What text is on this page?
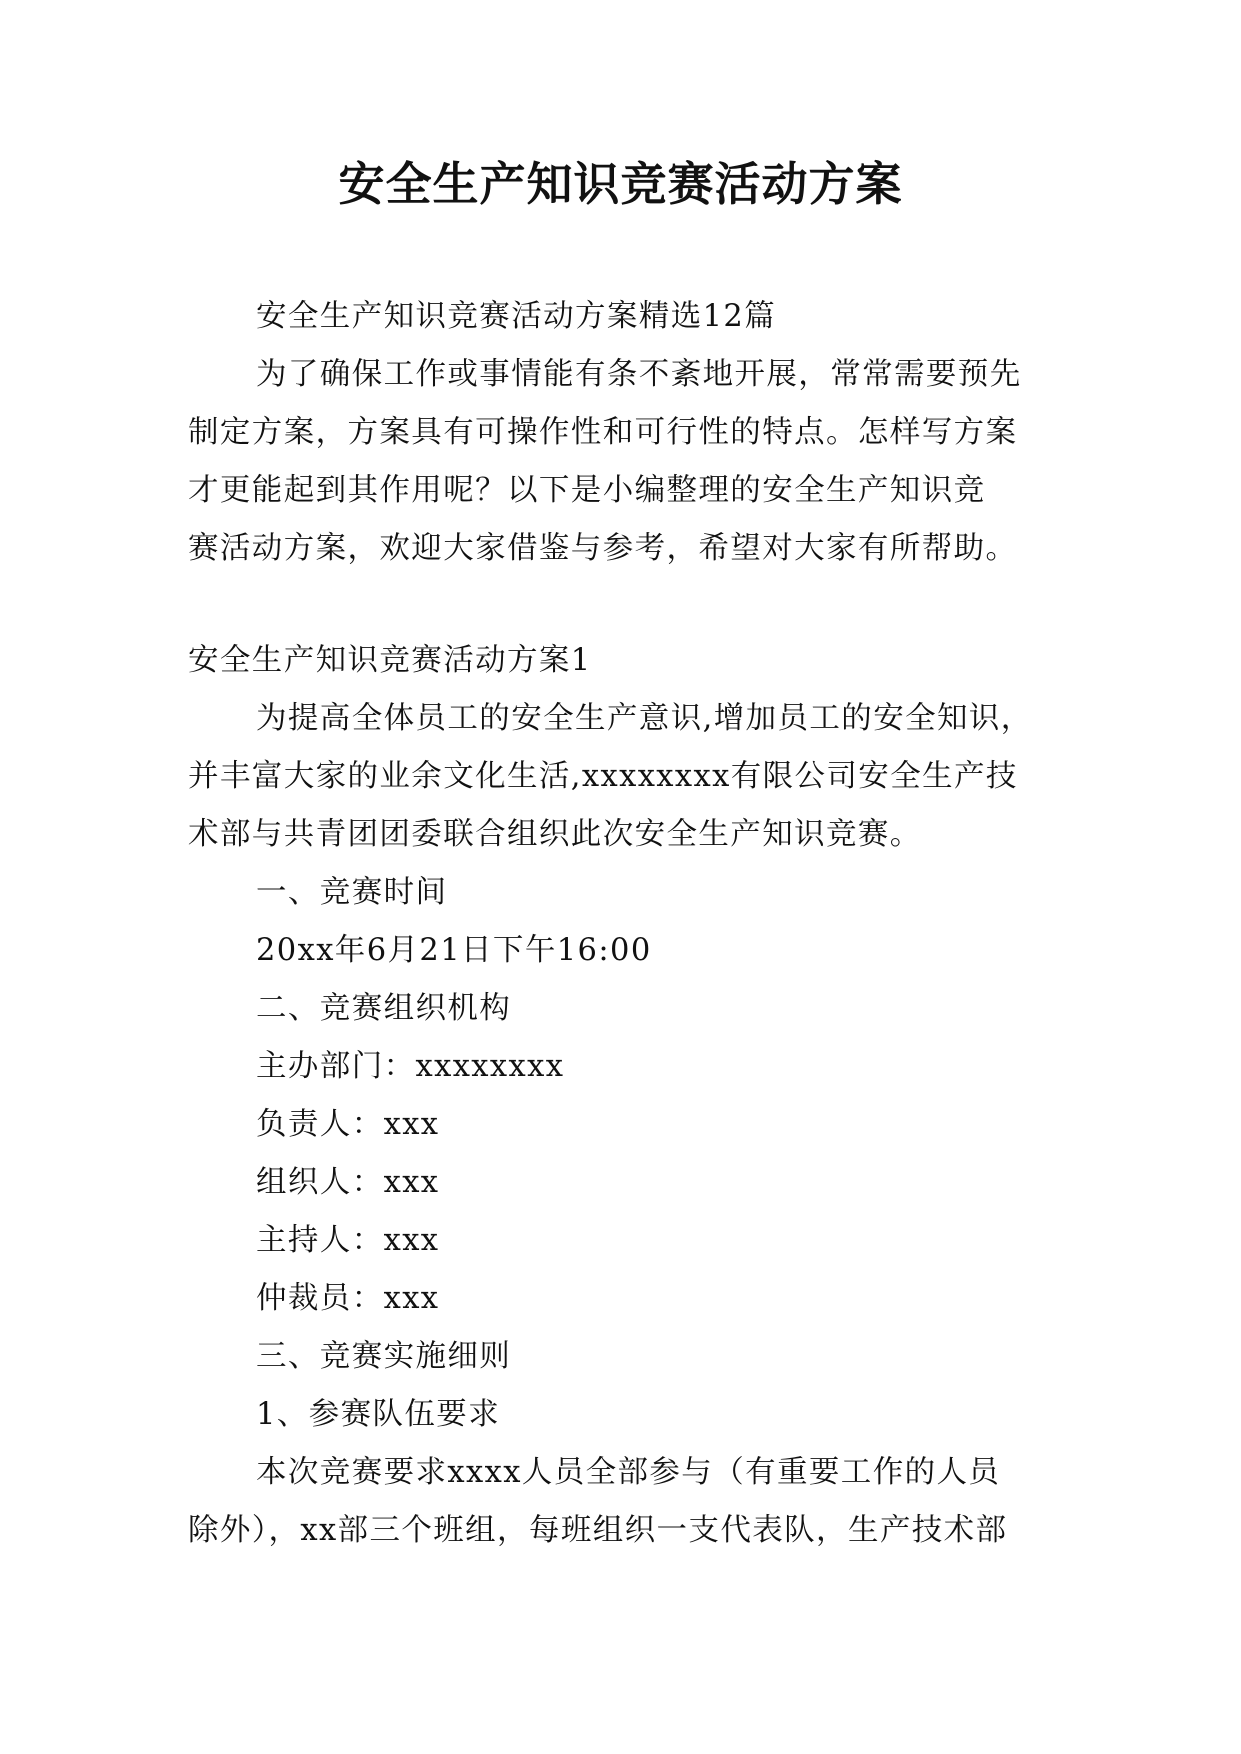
安全生产知识竞赛活动方案
安全生产知识竞赛活动方案精选12篇
为了确保工作或事情能有条不紊地开展，常常需要预先
制定方案，方案具有可操作性和可行性的特点。怎样写方案
才更能起到其作用呢？以下是小编整理的安全生产知识竞
赛活动方案，欢迎大家借鉴与参考，希望对大家有所帮助。
安全生产知识竞赛活动方案1
为提高全体员工的安全生产意识,增加员工的安全知识，
并丰富大家的业余文化生活,xxxxxxxx有限公司安全生产技
术部与共青团团委联合组织此次安全生产知识竞赛。
一、竞赛时间
20xx年6月21日下午16:00
二、竞赛组织机构
主办部门：xxxxxxxx
负责人：xxx
组织人：xxx
主持人：xxx
仲裁员：xxx
三、竞赛实施细则
1、参赛队伍要求
本次竞赛要求xxxx人员全部参与（有重要工作的人员
除外），xx部三个班组，每班组织一支代表队，生产技术部
